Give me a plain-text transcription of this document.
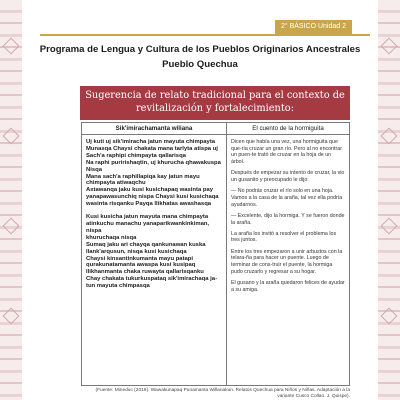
2° BÁSICO Unidad 2
Programa de Lengua y Cultura de los Pueblos Originarios Ancestrales
Pueblo Quechua
Sugerencia de relato tradicional para el contexto de
revitalización y fortalecimiento:
Sik'imirachamanta wiliana
Uj kuti uj sik'imiracha jatun mayuta chimpayta
Munasqa Chaysi chakata mana tarlyta atispa uj
Sach'a raphipi chimpayta qallarisqa
Na raphi puririshaqtin, uj khurucha qhawakuspa
Nisqa
Mana sach'a raphillapiqa kay jatun mayu
chimpayta atiwaqchu
Astawanqa jaku kusi kusichapaq wasinta pay
yanapawasunchiq nispa Chaysi kusi kusichaqa
wasinta risqanku Payqa llikhatas awashasqa
Kusi kusicha jatun mayuta mana chimpayta
atinkuchu manachu yanaparikwankinkiman,
nispa
khuruchaqa nisqa
Sumaq jaku ari chayqa qankunawan kuska
llank'arqusun, nisqa kusi kusichaqa
Chaysi kinsantinkumanta mayu patapi
qurakunatamanta awaspa kusi kusipaq
llikhanmanta chaka ruwayta qallarisqanku
Chay chakata tukurkuspataq sik'imirachaqa ja-
tun mayuta chimpasqa
El cuento de la hormiguita

Dicen que había una vez, una hormiguita que que-ría cruzar un gran río. Pero al no encontrar un puen-te trató de cruzar en la hoja de un árbol.

Después de empezar su intento de cruzar, la vio un gusanito y preocupado le dijo:

— No podrás cruzar el río solo en una hoja. Vamos a la casa de la araña, tal vez ella podría ayudarnos.

— Excelente, dijo la hormiga. Y se fueron donde la araña.

La araña los invitó a resolver el problema los tres juntos.

Entre los tres empezaron a unir arbustos con la telara-ña para hacer un puente. Luego de terminar de cons-truir el puente, la hormiga pudo cruzarlo y regresar a su hogar.

El gusano y la araña quedaron felices de ayudar a su amiga.

(Fuente: Mineduc (2019). Wawakunapaq Punamanta Willanakun. Relatos Quechua para Niños y Niñas. Adaptación a la
variante Cusco Collao. J. Quispe).
